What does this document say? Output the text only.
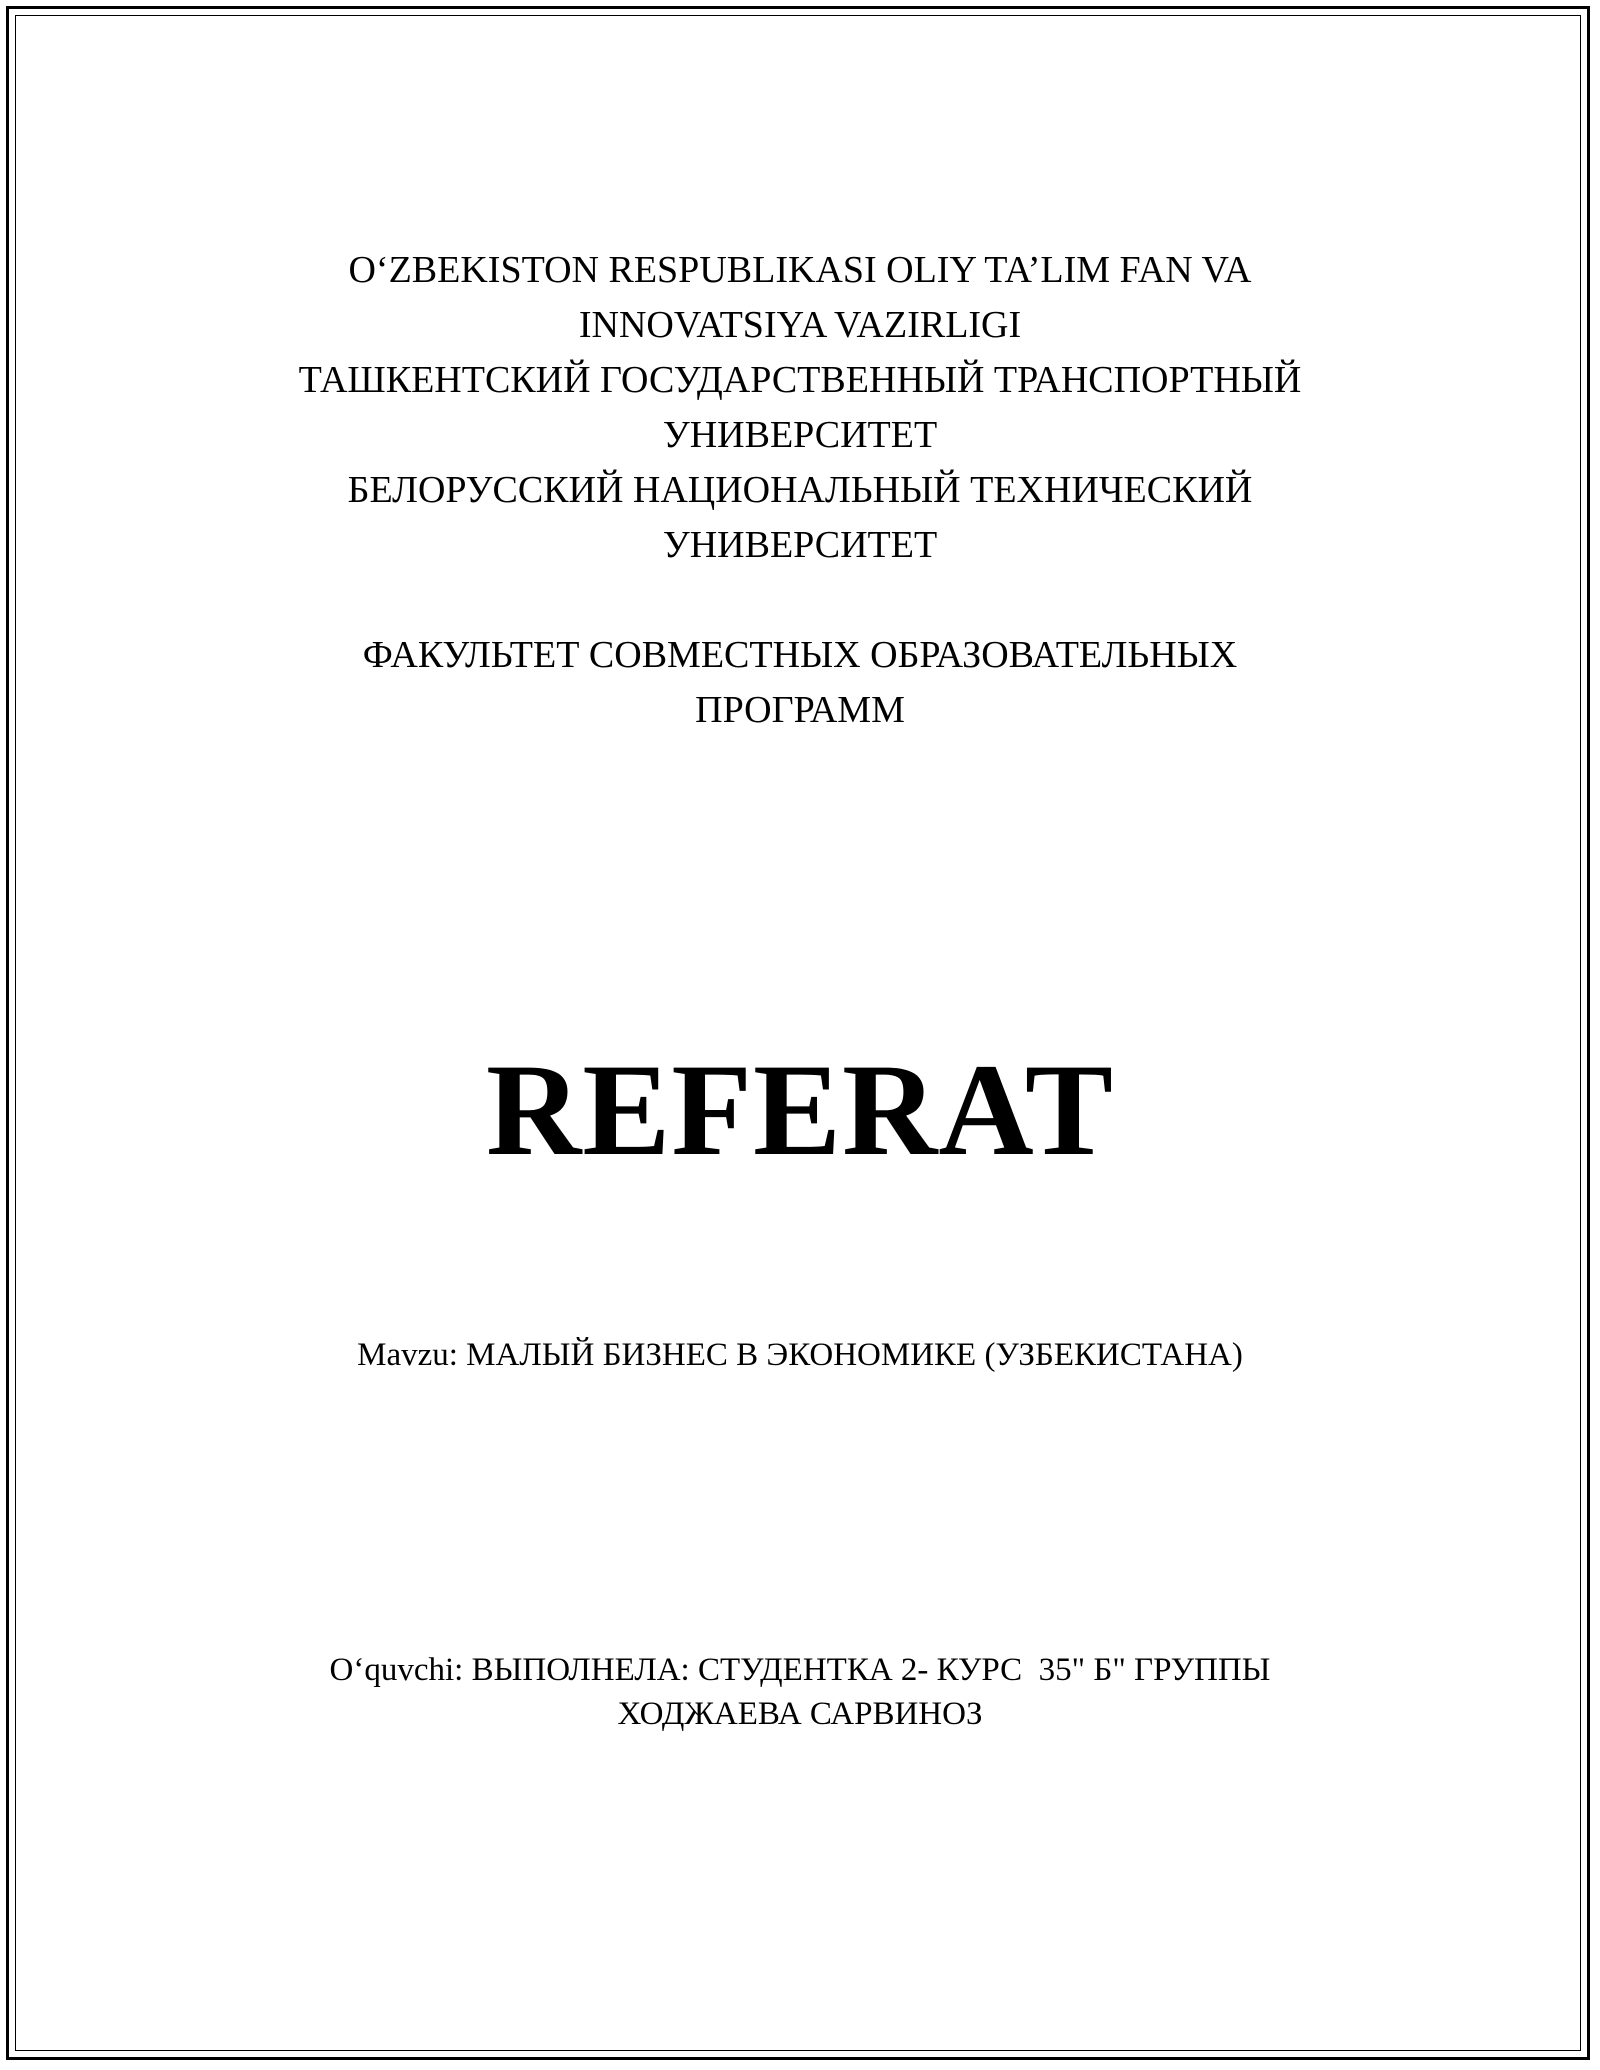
O‘ZBEKISTON RESPUBLIKASI OLIY TA’LIM FAN VA
INNOVATSIYA VAZIRLIGI
ТАШКЕНТСКИЙ ГОСУДАРСТВЕННЫЙ ТРАНСПОРТНЫЙ
УНИВЕРСИТЕТ
БЕЛОРУССКИЙ НАЦИОНАЛЬНЫЙ ТЕХНИЧЕСКИЙ
УНИВЕРСИТЕТ
ФАКУЛЬТЕТ СОВМЕСТНЫХ ОБРАЗОВАТЕЛЬНЫХ
ПРОГРАММ
REFERAT
Mavzu: МАЛЫЙ БИЗНЕС В ЭКОНОМИКЕ (УЗБЕКИСТАНА)
O‘quvchi: ВЫПОЛНЕЛА: СТУДЕНТКА 2- КУРС  35" Б" ГРУППЫ
ХОДЖАЕВА САРВИНОЗ
